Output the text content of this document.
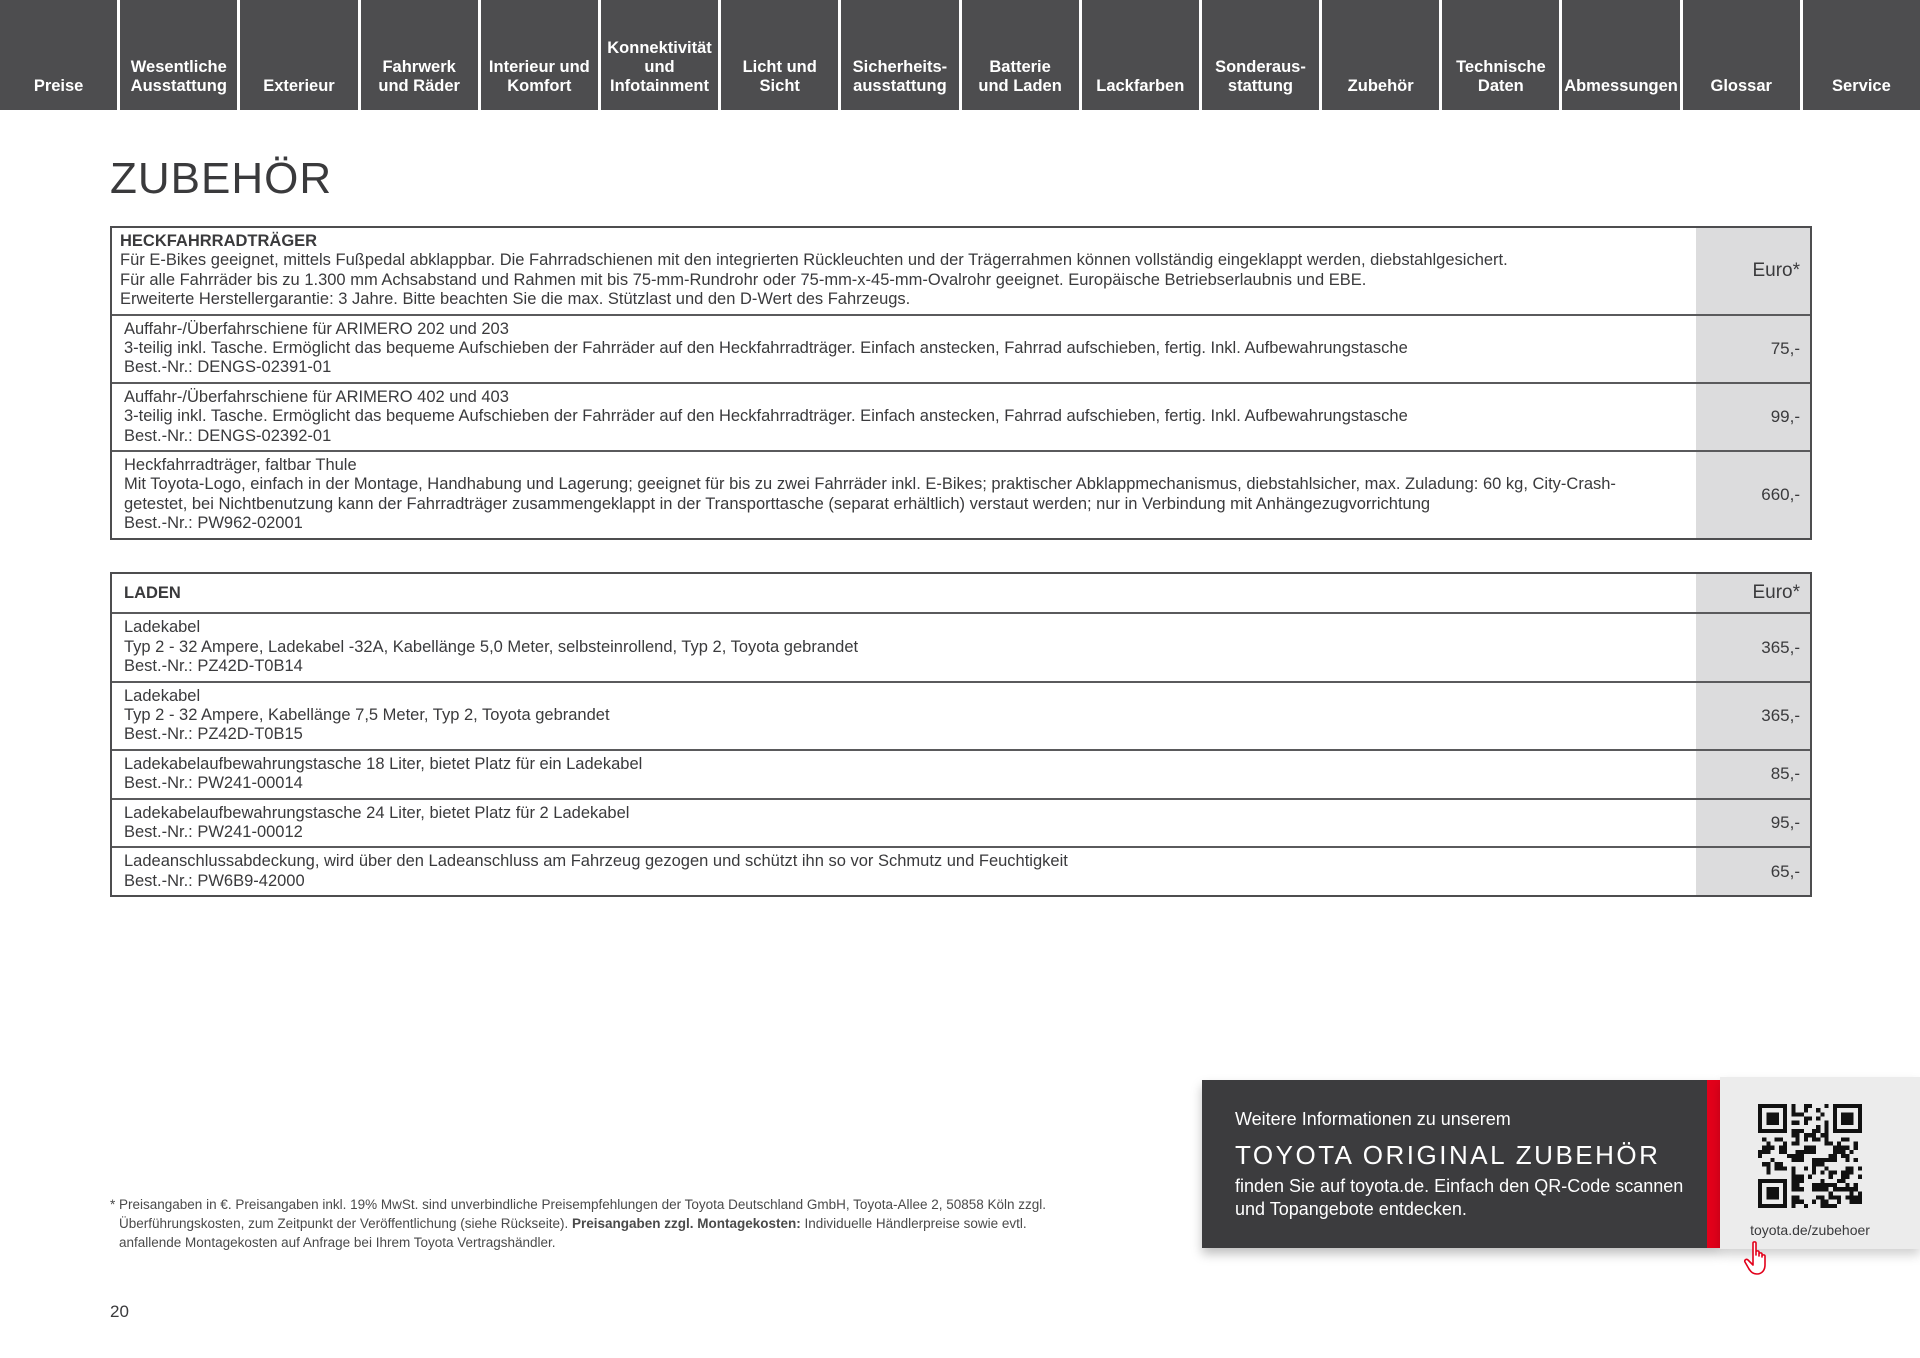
Preise
Wesentliche
Ausstattung	Exterieur
Fahrwerk
und Räder
Interieur und
Komfort
Konnektivität
und
Infotainment
Licht und Sicht
Sicherheits-
ausstattung
Batterie
und Laden	Lackfarben
Sonderaus-
stattung	Zubehör
Technische
Daten	Abmessungen	Glossar	Service
ZUBEHÖR
HECKFAHRRADTRÄGER
Für E-Bikes geeignet, mittels Fußpedal abklappbar. Die Fahrradschienen mit den integrierten Rückleuchten und der Trägerrahmen können vollständig eingeklappt werden, diebstahlgesichert.
Für alle Fahrräder bis zu 1.300 mm Achsabstand und Rahmen mit bis 75-mm-Rundrohr oder 75-mm-x-45-mm-Ovalrohr geeignet. Europäische Betriebserlaubnis und EBE.
Erweiterte Herstellergarantie: 3 Jahre. Bitte beachten Sie die max. Stützlast und den D-Wert des Fahrzeugs.
Euro*
Auffahr-/Überfahrschiene für ARIMERO 202 und 203
3-teilig inkl. Tasche. Ermöglicht das bequeme Aufschieben der Fahrräder auf den Heckfahrradträger. Einfach anstecken, Fahrrad aufschieben, fertig. Inkl. Aufbewahrungstasche
Best.-Nr.: DENGS-02391-01
75,-
Auffahr-/Überfahrschiene für ARIMERO 402 und 403
3-teilig inkl. Tasche. Ermöglicht das bequeme Aufschieben der Fahrräder auf den Heckfahrradträger. Einfach anstecken, Fahrrad aufschieben, fertig. Inkl. Aufbewahrungstasche
Best.-Nr.: DENGS-02392-01
99,-
Heckfahrradträger, faltbar Thule
Mit Toyota-Logo, einfach in der Montage, Handhabung und Lagerung; geeignet für bis zu zwei Fahrräder inkl. E-Bikes; praktischer Abklappmechanismus, diebstahlsicher, max. Zuladung: 60 kg, City-Crash-
getestet, bei Nichtbenutzung kann der Fahrradträger zusammengeklappt in der Transporttasche (separat erhältlich) verstaut werden; nur in Verbindung mit Anhängezugvorrichtung
Best.-Nr.: PW962-02001
660,-
LADEN	Euro*
Ladekabel
Typ 2 - 32 Ampere, Ladekabel -32A, Kabellänge 5,0 Meter, selbsteinrollend, Typ 2, Toyota gebrandet
Best.-Nr.: PZ42D-T0B14
365,-
Ladekabel
Typ 2 - 32 Ampere, Kabellänge 7,5 Meter, Typ 2, Toyota gebrandet
Best.-Nr.: PZ42D-T0B15
365,-
Ladekabelaufbewahrungstasche 18 Liter, bietet Platz für ein Ladekabel
Best.-Nr.: PW241-00014	85,-
Ladekabelaufbewahrungstasche 24 Liter, bietet Platz für 2 Ladekabel
Best.-Nr.: PW241-00012	95,-
Ladeanschlussabdeckung, wird über den Ladeanschluss am Fahrzeug gezogen und schützt ihn so vor Schmutz und Feuchtigkeit
Best.-Nr.: PW6B9-42000	65,-
* Preisangaben in €. Preisangaben inkl. 19% MwSt. sind unverbindliche Preisempfehlungen der Toyota Deutschland GmbH, Toyota-Allee 2, 50858 Köln zzgl.
Überführungskosten, zum Zeitpunkt der Veröffentlichung (siehe Rückseite). Preisangaben zzgl. Montagekosten: Individuelle Händlerpreise sowie evtl.
anfallende Montagekosten auf Anfrage bei Ihrem Toyota Vertragshändler.
20
Weitere Informationen zu unserem
TOYOTA ORIGINAL ZUBEHÖR
finden Sie auf toyota.de. Einfach den QR-Code scannen und Topangebote entdecken.
toyota.de/zubehoer
